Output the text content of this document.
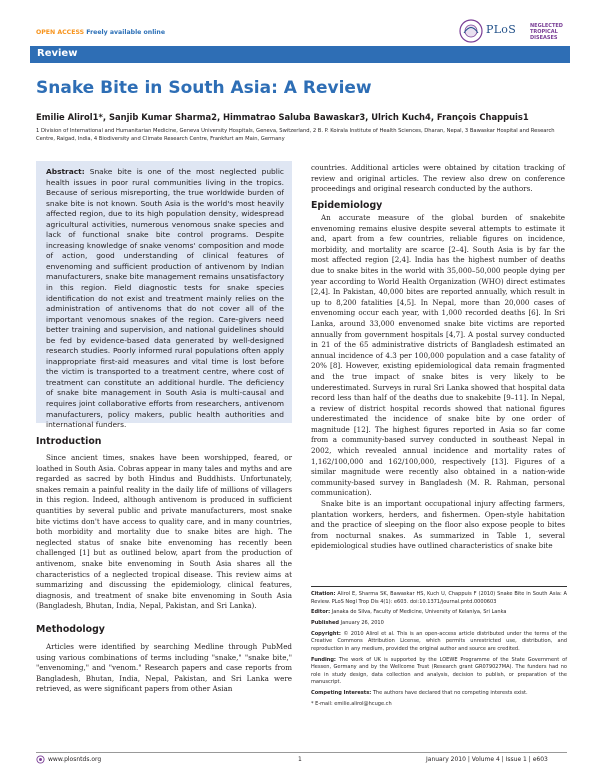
OPEN ACCESS Freely available online	PLoS	NEGLECTED
TROPICAL DISEASES
Review
Snake Bite in South Asia: A Review
Emilie Alirol1*, Sanjib Kumar Sharma2, Himmatrao Saluba Bawaskar3, Ulrich Kuch4, François Chappuis1
1 Division of International and Humanitarian Medicine, Geneva University Hospitals, Geneva, Switzerland, 2 B. P. Koirala Institute of Health Sciences, Dharan, Nepal, 3 Bawaskar Hospital and Research Centre, Raigad, India, 4 Biodiversity and Climate Research Centre, Frankfurt am Main, Germany
Abstract: Snake bite is one of the most neglected public health issues in poor rural communities living in the tropics. Because of serious misreporting, the true worldwide burden of snake bite is not known. South Asia is the world's most heavily affected region, due to its high population density, widespread agricultural activities, numerous venomous snake species and lack of functional snake bite control programs. Despite increasing knowledge of snake venoms' composition and mode of action, good understanding of clinical features of envenoming and sufficient production of antivenom by Indian manufacturers, snake bite management remains unsatisfactory in this region. Field diagnostic tests for snake species identification do not exist and treatment mainly relies on the administration of antivenoms that do not cover all of the important venomous snakes of the region. Care-givers need better training and supervision, and national guidelines should be fed by evidence-based data generated by well-designed research studies. Poorly informed rural populations often apply inappropriate first-aid measures and vital time is lost before the victim is transported to a treatment centre, where cost of treatment can constitute an additional hurdle. The deficiency of snake bite management in South Asia is multi-causal and requires joint collaborative efforts from researchers, antivenom manufacturers, policy makers, public health authorities and international funders.
Introduction

Since ancient times, snakes have been worshipped, feared, or loathed in South Asia. Cobras appear in many tales and myths and are regarded as sacred by both Hindus and Buddhists. Unfortunately, snakes remain a painful reality in the daily life of millions of villagers in this region. Indeed, although antivenom is produced in sufficient quantities by several public and private manufacturers, most snake bite victims don't have access to quality care, and in many countries, both morbidity and mortality due to snake bites are high. The neglected status of snake bite envenoming has recently been challenged [1] but as outlined below, apart from the production of antivenom, snake bite envenoming in South Asia shares all the characteristics of a neglected tropical disease. This review aims at summarizing and discussing the epidemiology, clinical features, diagnosis, and treatment of snake bite envenoming in South Asia (Bangladesh, Bhutan, India, Nepal, Pakistan, and Sri Lanka).

Methodology

Articles were identified by searching Medline through PubMed using various combinations of terms including "snake," "snake bite," "envenoming," and "venom." Research papers and case reports from Bangladesh, Bhutan, India, Nepal, Pakistan, and Sri Lanka were retrieved, as were significant papers from other Asian

countries. Additional articles were obtained by citation tracking of review and original articles. The review also drew on conference proceedings and original research conducted by the authors.

Epidemiology

An accurate measure of the global burden of snakebite envenoming remains elusive despite several attempts to estimate it and, apart from a few countries, reliable figures on incidence, morbidity, and mortality are scarce [2–4]. South Asia is by far the most affected region [2,4]. India has the highest number of deaths due to snake bites in the world with 35,000–50,000 people dying per year according to World Health Organization (WHO) direct estimates [2,4]. In Pakistan, 40,000 bites are reported annually, which result in up to 8,200 fatalities [4,5]. In Nepal, more than 20,000 cases of envenoming occur each year, with 1,000 recorded deaths [6]. In Sri Lanka, around 33,000 envenomed snake bite victims are reported annually from government hospitals [4,7]. A postal survey conducted in 21 of the 65 administrative districts of Bangladesh estimated an annual incidence of 4.3 per 100,000 population and a case fatality of 20% [8]. However, existing epidemiological data remain fragmented and the true impact of snake bites is very likely to be underestimated. Surveys in rural Sri Lanka showed that hospital data record less than half of the deaths due to snakebite [9–11]. In Nepal, a review of district hospital records showed that national figures underestimated the incidence of snake bite by one order of magnitude [12]. The highest figures reported in Asia so far come from a community-based survey conducted in southeast Nepal in 2002, which revealed annual incidence and mortality rates of 1,162/100,000 and 162/100,000, respectively [13]. Figures of a similar magnitude were recently also obtained in a nation-wide community-based survey in Bangladesh (M. R. Rahman, personal communication).

Snake bite is an important occupational injury affecting farmers, plantation workers, herders, and fishermen. Open-style habitation and the practice of sleeping on the floor also expose people to bites from nocturnal snakes. As summarized in Table 1, several epidemiological studies have outlined characteristics of snake bite

Citation: Alirol E, Sharma SK, Bawaskar HS, Kuch U, Chappuis F (2010) Snake Bite in South Asia: A Review. PLoS Negl Trop Dis 4(1): e603. doi:10.1371/journal.pntd.0000603

Editor: Janaka de Silva, Faculty of Medicine, University of Kelaniya, Sri Lanka

Published January 26, 2010

Copyright: © 2010 Alirol et al. This is an open-access article distributed under the terms of the Creative Commons Attribution License, which permits unrestricted use, distribution, and reproduction in any medium, provided the original author and source are credited.

Funding: The work of UK is supported by the LOEWE Programme of the State Government of Hessen, Germany and by the Wellcome Trust (Research grant GR079027MA). The funders had no role in study design, data collection and analysis, decision to publish, or preparation of the manuscript.

Competing Interests: The authors have declared that no competing interests exist.

* E-mail: emilie.alirol@hcuge.ch

www.plosntds.org	1	January 2010 | Volume 4 | Issue 1 | e603
